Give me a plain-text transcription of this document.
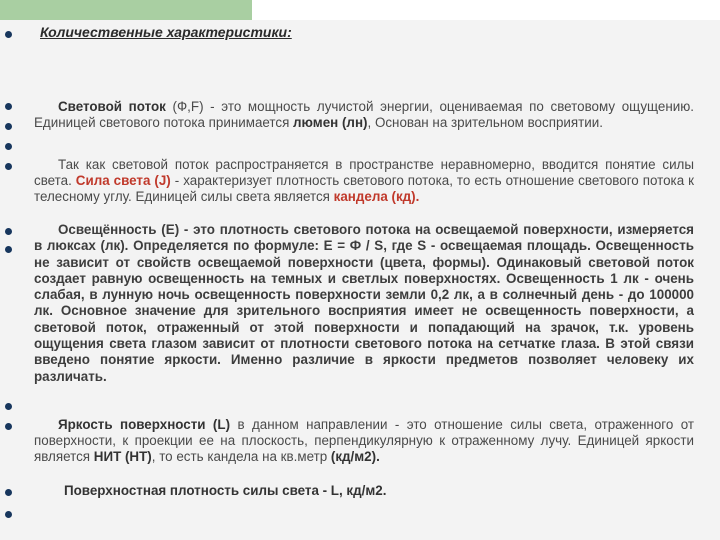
Количественные характеристики:
Световой поток (Ф,F) - это мощность лучистой энергии, оцениваемая по световому ощущению. Единицей светового потока принимается люмен (лн), Основан на зрительном восприятии.
Так как световой поток распространяется в пространстве неравномерно, вводится понятие силы света. Сила света (J) - характеризует плотность светового потока, то есть отношение светового потока к телесному углу. Единицей силы света является кандела (кд).
Освещённость (Е) - это плотность светового потока на освещаемой поверхности, измеряется в люксах (лк). Определяется по формуле: Е = Ф / S, где S - освещаемая площадь. Освещенность не зависит от свойств освещаемой поверхности (цвета, формы). Одинаковый световой поток создает равную освещенность на темных и светлых поверхностях. Освещенность 1 лк - очень слабая, в лунную ночь освещенность поверхности земли 0,2 лк, а в солнечный день - до 100000 лк. Основное значение для зрительного восприятия имеет не освещенность поверхности, а световой поток, отраженный от этой поверхности и попадающий на зрачок, т.к. уровень ощущения света глазом зависит от плотности светового потока на сетчатке глаза. В этой связи введено понятие яркости. Именно различие в яркости предметов позволяет человеку их различать.
Яркость поверхности (L) в данном направлении - это отношение силы света, отраженного от поверхности, к проекции ее на плоскость, перпендикулярную к отраженному лучу. Единицей яркости является НИТ (НТ), то есть кандела на кв.метр (кд/м2).
Поверхностная плотность силы света - L, кд/м2.
